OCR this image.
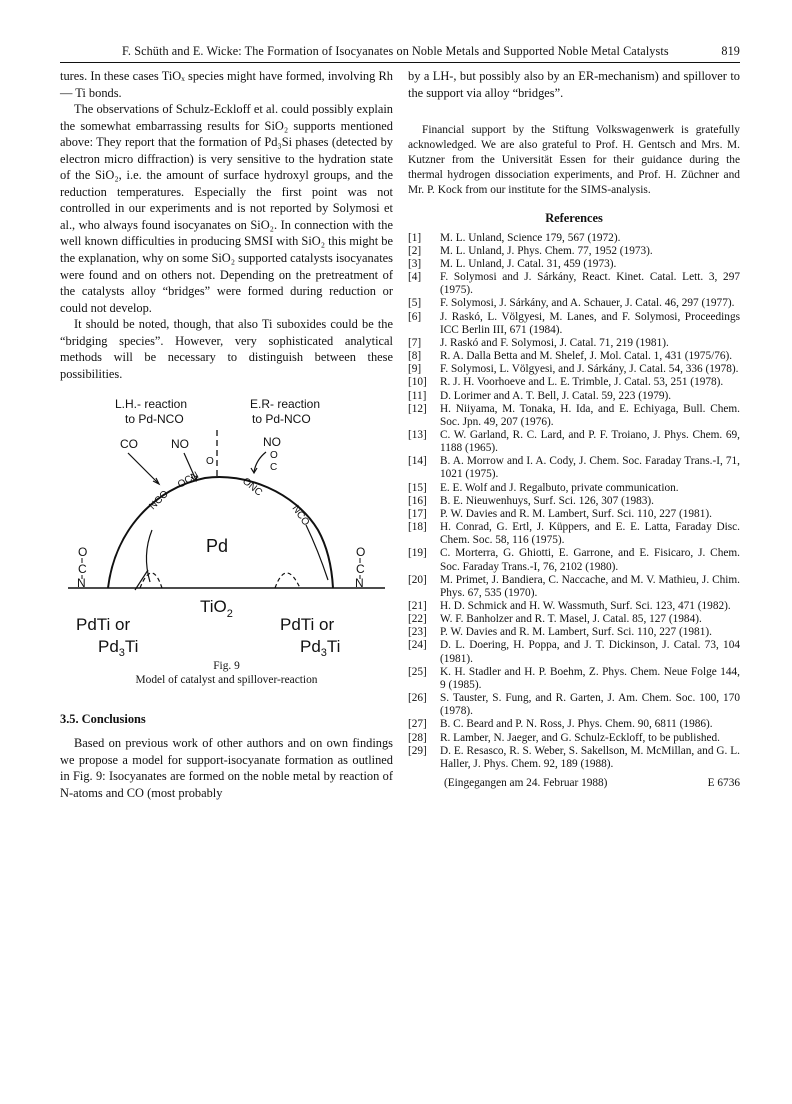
F. Schüth and E. Wicke: The Formation of Isocyanates on Noble Metals and Supported Noble Metal Catalysts	819

tures. In these cases TiOₓ species might have formed, involving Rh — Ti bonds.

The observations of Schulz-Eckloff et al. could possibly explain the somewhat embarrassing results for SiO₂ supports mentioned above: They report that the formation of Pd₃Si phases (detected by electron micro diffraction) is very sensitive to the hydration state of the SiO₂, i.e. the amount of surface hydroxyl groups, and the reduction temperatures. Especially the first point was not controlled in our experiments and is not reported by Solymosi et al., who always found isocyanates on SiO₂. In connection with the well known difficulties in producing SMSI with SiO₂ this might be the explanation, why on some SiO₂ supported catalysts isocyanates were found and on others not. Depending on the pretreatment of the catalysts alloy “bridges” were formed during reduction or could not develop.

It should be noted, though, that also Ti suboxides could be the “bridging species”. However, very sophisticated analytical methods will be necessary to distinguish between these possibilities.

L.H.- reaction
to Pd-NCO
E.R- reaction
to Pd-NCO
CO	NO	NO
O
O
C
Pd
NCO
OCN	ONC
NCO
O
C
N
O
C
N
TiO$_2$
PdTi or
$Pd_3Ti$
PdTi or
$Pd_3Ti$
Fig. 9
Model of catalyst and spillover-reaction
3.5. Conclusions

Based on previous work of other authors and on own findings we propose a model for support-isocyanate formation as outlined in Fig. 9: Isocyanates are formed on the noble metal by reaction of N-atoms and CO (most probably

by a LH-, but possibly also by an ER-mechanism) and spillover to the support via alloy “bridges”.

Financial support by the Stiftung Volkswagenwerk is gratefully acknowledged. We are also grateful to Prof. H. Gentsch and Mrs. M. Kutzner from the Universität Essen for their guidance during the thermal hydrogen dissociation experiments, and Prof. H. Züchner and Mr. P. Kock from our institute for the SIMS-analysis.

References
[1] M. L. Unland, Science 179, 567 (1972).
[2] M. L. Unland, J. Phys. Chem. 77, 1952 (1973).
[3] M. L. Unland, J. Catal. 31, 459 (1973).
[4] F. Solymosi and J. Sárkány, React. Kinet. Catal. Lett. 3, 297 (1975).
[5] F. Solymosi, J. Sárkány, and A. Schauer, J. Catal. 46, 297 (1977).
[6] J. Raskó, L. Völgyesi, M. Lanes, and F. Solymosi, Proceedings ICC Berlin III, 671 (1984).
[7] J. Raskó and F. Solymosi, J. Catal. 71, 219 (1981).
[8] R. A. Dalla Betta and M. Shelef, J. Mol. Catal. 1, 431 (1975/76).
[9] F. Solymosi, L. Völgyesi, and J. Sárkány, J. Catal. 54, 336 (1978).
[10] R. J. H. Voorhoeve and L. E. Trimble, J. Catal. 53, 251 (1978).
[11] D. Lorimer and A. T. Bell, J. Catal. 59, 223 (1979).
[12] H. Niiyama, M. Tonaka, H. Ida, and E. Echiyaga, Bull. Chem. Soc. Jpn. 49, 207 (1976).
[13] C. W. Garland, R. C. Lard, and P. F. Troiano, J. Phys. Chem. 69, 1188 (1965).
[14] B. A. Morrow and I. A. Cody, J. Chem. Soc. Faraday Trans.-I, 71, 1021 (1975).
[15] E. E. Wolf and J. Regalbuto, private communication.
[16] B. E. Nieuwenhuys, Surf. Sci. 126, 307 (1983).
[17] P. W. Davies and R. M. Lambert, Surf. Sci. 110, 227 (1981).
[18] H. Conrad, G. Ertl, J. Küppers, and E. E. Latta, Faraday Disc. Chem. Soc. 58, 116 (1975).
[19] C. Morterra, G. Ghiotti, E. Garrone, and E. Fisicaro, J. Chem. Soc. Faraday Trans.-I, 76, 2102 (1980).
[20] M. Primet, J. Bandiera, C. Naccache, and M. V. Mathieu, J. Chim. Phys. 67, 535 (1970).
[21] H. D. Schmick and H. W. Wassmuth, Surf. Sci. 123, 471 (1982).
[22] W. F. Banholzer and R. T. Masel, J. Catal. 85, 127 (1984).
[23] P. W. Davies and R. M. Lambert, Surf. Sci. 110, 227 (1981).
[24] D. L. Doering, H. Poppa, and J. T. Dickinson, J. Catal. 73, 104 (1981).
[25] K. H. Stadler and H. P. Boehm, Z. Phys. Chem. Neue Folge 144, 9 (1985).
[26] S. Tauster, S. Fung, and R. Garten, J. Am. Chem. Soc. 100, 170 (1978).
[27] B. C. Beard and P. N. Ross, J. Phys. Chem. 90, 6811 (1986).
[28] R. Lamber, N. Jaeger, and G. Schulz-Eckloff, to be published.
[29] D. E. Resasco, R. S. Weber, S. Sakellson, M. McMillan, and G. L. Haller, J. Phys. Chem. 92, 189 (1988).
(Eingegangen am 24. Februar 1988)	E 6736
